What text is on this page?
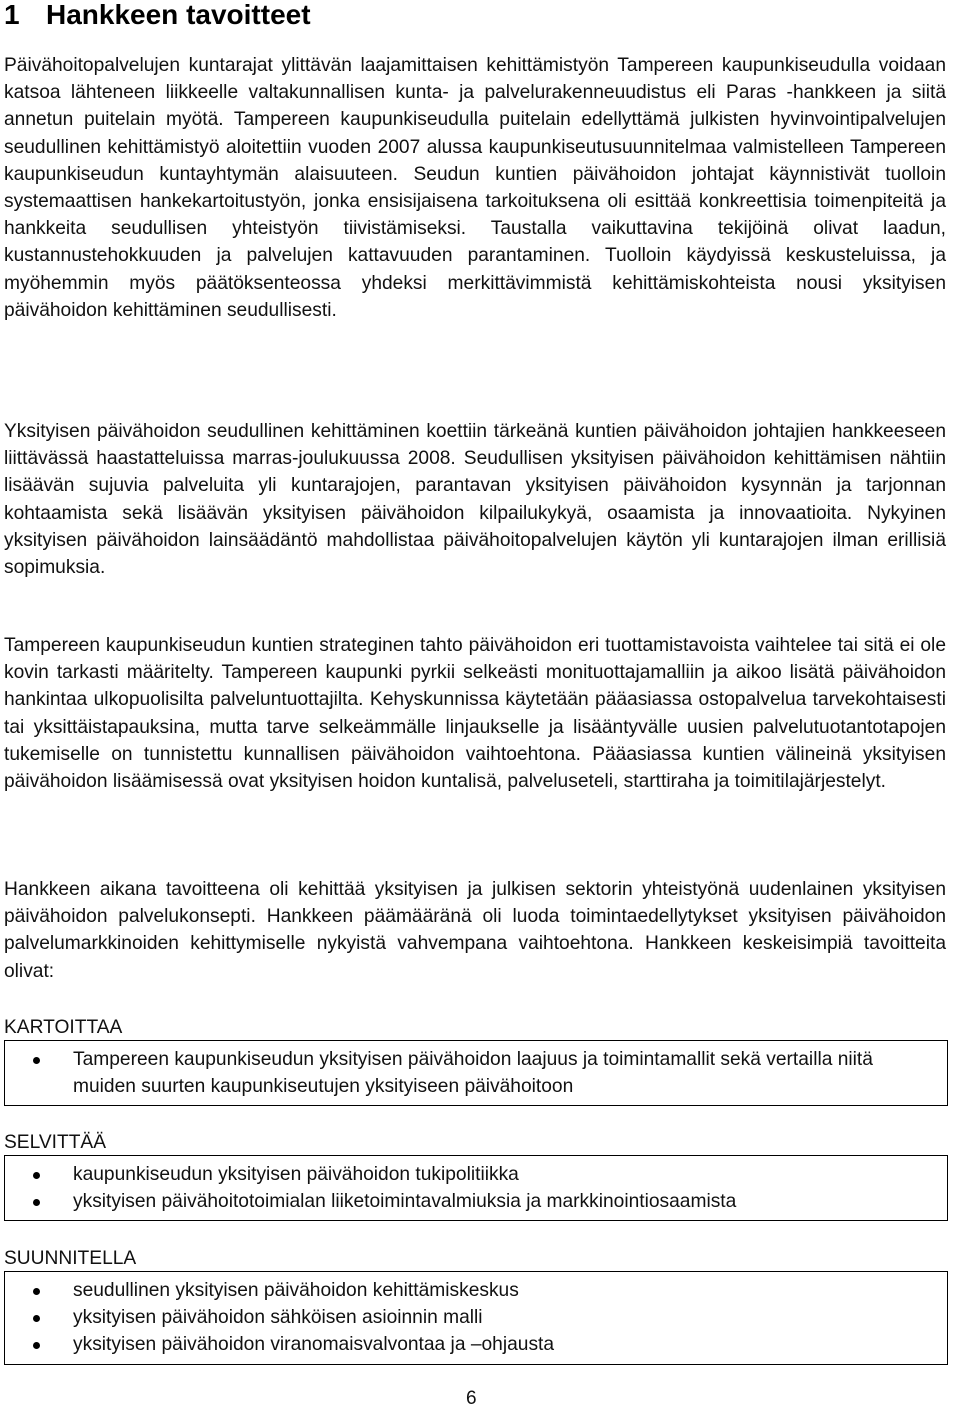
1 Hankkeen tavoitteet

Päivähoitopalvelujen kuntarajat ylittävän laajamittaisen kehittämistyön Tampereen kaupunkiseudulla voidaan katsoa lähteneen liikkeelle valtakunnallisen kunta- ja palvelurakenneuudistus eli Paras -hankkeen ja siitä annetun puitelain myötä. Tampereen kaupunkiseudulla puitelain edellyttämä julkisten hyvinvointipalvelujen seudullinen kehittämistyö aloitettiin vuoden 2007 alussa kaupunkiseutusuunnitelmaa valmistelleen Tampereen kaupunkiseudun kuntayhtymän alaisuuteen. Seudun kuntien päivähoidon johtajat käynnistivät tuolloin systemaattisen hankekartoitustyön, jonka ensisijaisena tarkoituksena oli esittää konkreettisia toimenpiteitä ja hankkeita seudullisen yhteistyön tiivistämiseksi. Taustalla vaikuttavina tekijöinä olivat laadun, kustannustehokkuuden ja palvelujen kattavuuden parantaminen. Tuolloin käydyissä keskusteluissa, ja myöhemmin myös päätöksenteossa yhdeksi merkittävimmistä kehittämiskohteista nousi yksityisen päivähoidon kehittäminen seudullisesti.

Yksityisen päivähoidon seudullinen kehittäminen koettiin tärkeänä kuntien päivähoidon johtajien hankkeeseen liittävässä haastatteluissa marras-joulukuussa 2008. Seudullisen yksityisen päivähoidon kehittämisen nähtiin lisäävän sujuvia palveluita yli kuntarajojen, parantavan yksityisen päivähoidon kysynnän ja tarjonnan kohtaamista sekä lisäävän yksityisen päivähoidon kilpailukykyä, osaamista ja innovaatioita. Nykyinen yksityisen päivähoidon lainsäädäntö mahdollistaa päivähoitopalvelujen käytön yli kuntarajojen ilman erillisiä sopimuksia.

Tampereen kaupunkiseudun kuntien strateginen tahto päivähoidon eri tuottamistavoista vaihtelee tai sitä ei ole kovin tarkasti määritelty. Tampereen kaupunki pyrkii selkeästi monituottajamalliin ja aikoo lisätä päivähoidon hankintaa ulkopuolisilta palveluntuottajilta. Kehyskunnissa käytetään pääasiassa ostopalvelua tarvekohtaisesti tai yksittäistapauksina, mutta tarve selkeämmälle linjaukselle ja lisääntyvälle uusien palvelutuotantotapojen tukemiselle on tunnistettu kunnallisen päivähoidon vaihtoehtona. Pääasiassa kuntien välineinä yksityisen päivähoidon lisäämisessä ovat yksityisen hoidon kuntalisä, palveluseteli, starttiraha ja toimitilajärjestelyt.

Hankkeen aikana tavoitteena oli kehittää yksityisen ja julkisen sektorin yhteistyönä uudenlainen yksityisen päivähoidon palvelukonsepti. Hankkeen päämääränä oli luoda toimintaedellytykset yksityisen päivähoidon palvelumarkkinoiden kehittymiselle nykyistä vahvempana vaihtoehtona. Hankkeen keskeisimpiä tavoitteita olivat:

KARTOITTAA
Tampereen kaupunkiseudun yksityisen päivähoidon laajuus ja toimintamallit sekä vertailla niitä muiden suurten kaupunkiseutujen yksityiseen päivähoitoon
SELVITTÄÄ
kaupunkiseudun yksityisen päivähoidon tukipolitiikka
yksityisen päivähoitotoimialan liiketoimintavalmiuksia ja markkinointiosaamista
SUUNNITELLA
seudullinen yksityisen päivähoidon kehittämiskeskus
yksityisen päivähoidon sähköisen asioinnin malli
yksityisen päivähoidon viranomaisvalvontaa ja –ohjausta
6
